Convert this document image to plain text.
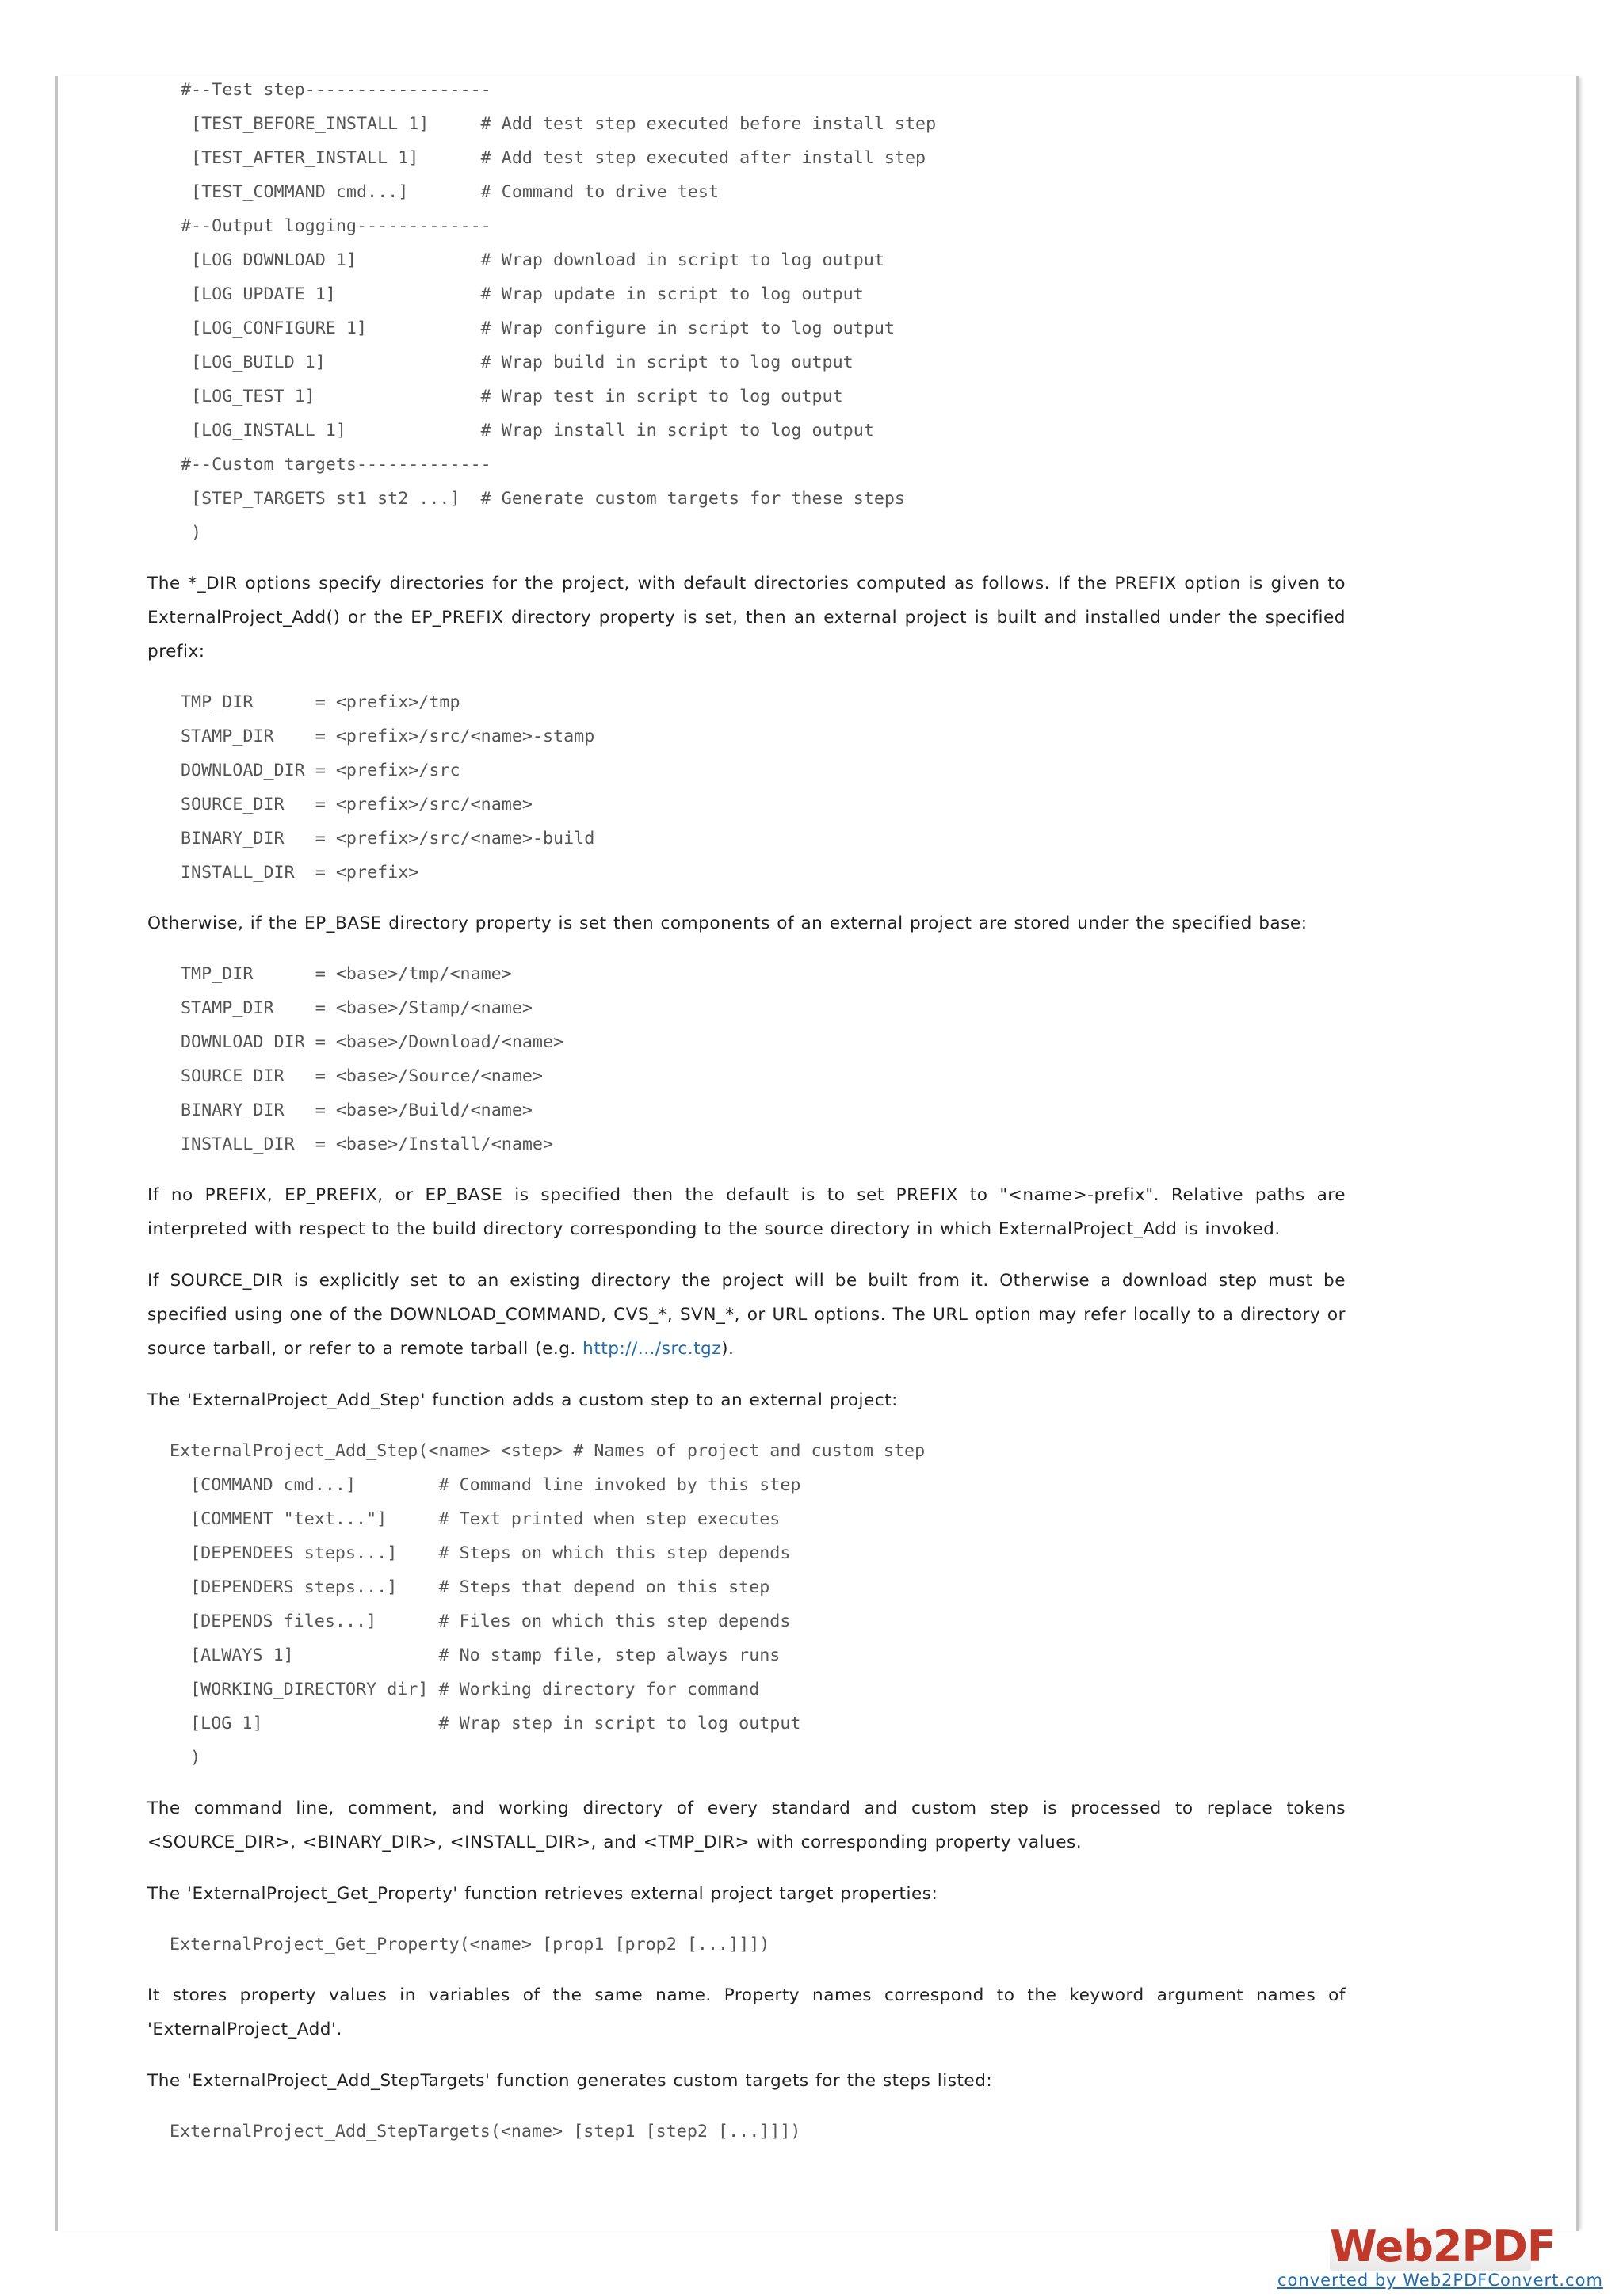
#--Test step------------------
[TEST_BEFORE_INSTALL 1]     # Add test step executed before install step
[TEST_AFTER_INSTALL 1]      # Add test step executed after install step
[TEST_COMMAND cmd...]       # Command to drive test
#--Output logging-------------
[LOG_DOWNLOAD 1]            # Wrap download in script to log output
[LOG_UPDATE 1]              # Wrap update in script to log output
[LOG_CONFIGURE 1]           # Wrap configure in script to log output
[LOG_BUILD 1]               # Wrap build in script to log output
[LOG_TEST 1]                # Wrap test in script to log output
[LOG_INSTALL 1]             # Wrap install in script to log output
#--Custom targets-------------
[STEP_TARGETS st1 st2 ...]  # Generate custom targets for these steps
)

The *_DIR options specify directories for the project, with default directories computed as follows. If the PREFIX option is given to ExternalProject_Add() or the EP_PREFIX directory property is set, then an external project is built and installed under the specified prefix:

TMP_DIR      = <prefix>/tmp
STAMP_DIR    = <prefix>/src/<name>-stamp
DOWNLOAD_DIR = <prefix>/src
SOURCE_DIR   = <prefix>/src/<name>
BINARY_DIR   = <prefix>/src/<name>-build
INSTALL_DIR  = <prefix>

Otherwise, if the EP_BASE directory property is set then components of an external project are stored under the specified base:

TMP_DIR      = <base>/tmp/<name>
STAMP_DIR    = <base>/Stamp/<name>
DOWNLOAD_DIR = <base>/Download/<name>
SOURCE_DIR   = <base>/Source/<name>
BINARY_DIR   = <base>/Build/<name>
INSTALL_DIR  = <base>/Install/<name>

If no PREFIX, EP_PREFIX, or EP_BASE is specified then the default is to set PREFIX to "<name>-prefix". Relative paths are interpreted with respect to the build directory corresponding to the source directory in which ExternalProject_Add is invoked.

If SOURCE_DIR is explicitly set to an existing directory the project will be built from it. Otherwise a download step must be specified using one of the DOWNLOAD_COMMAND, CVS_*, SVN_*, or URL options. The URL option may refer locally to a directory or source tarball, or refer to a remote tarball (e.g. http://.../src.tgz).

The 'ExternalProject_Add_Step' function adds a custom step to an external project:

ExternalProject_Add_Step(<name> <step> # Names of project and custom step
[COMMAND cmd...]        # Command line invoked by this step
[COMMENT "text..."]     # Text printed when step executes
[DEPENDEES steps...]    # Steps on which this step depends
[DEPENDERS steps...]    # Steps that depend on this step
[DEPENDS files...]      # Files on which this step depends
[ALWAYS 1]              # No stamp file, step always runs
[WORKING_DIRECTORY dir] # Working directory for command
[LOG 1]                 # Wrap step in script to log output
)

The command line, comment, and working directory of every standard and custom step is processed to replace tokens <SOURCE_DIR>, <BINARY_DIR>, <INSTALL_DIR>, and <TMP_DIR> with corresponding property values.

The 'ExternalProject_Get_Property' function retrieves external project target properties:

ExternalProject_Get_Property(<name> [prop1 [prop2 [...]]])

It stores property values in variables of the same name. Property names correspond to the keyword argument names of 'ExternalProject_Add'.

The 'ExternalProject_Add_StepTargets' function generates custom targets for the steps listed:

ExternalProject_Add_StepTargets(<name> [step1 [step2 [...]]])
Web2PDF
converted by Web2PDFConvert.com
